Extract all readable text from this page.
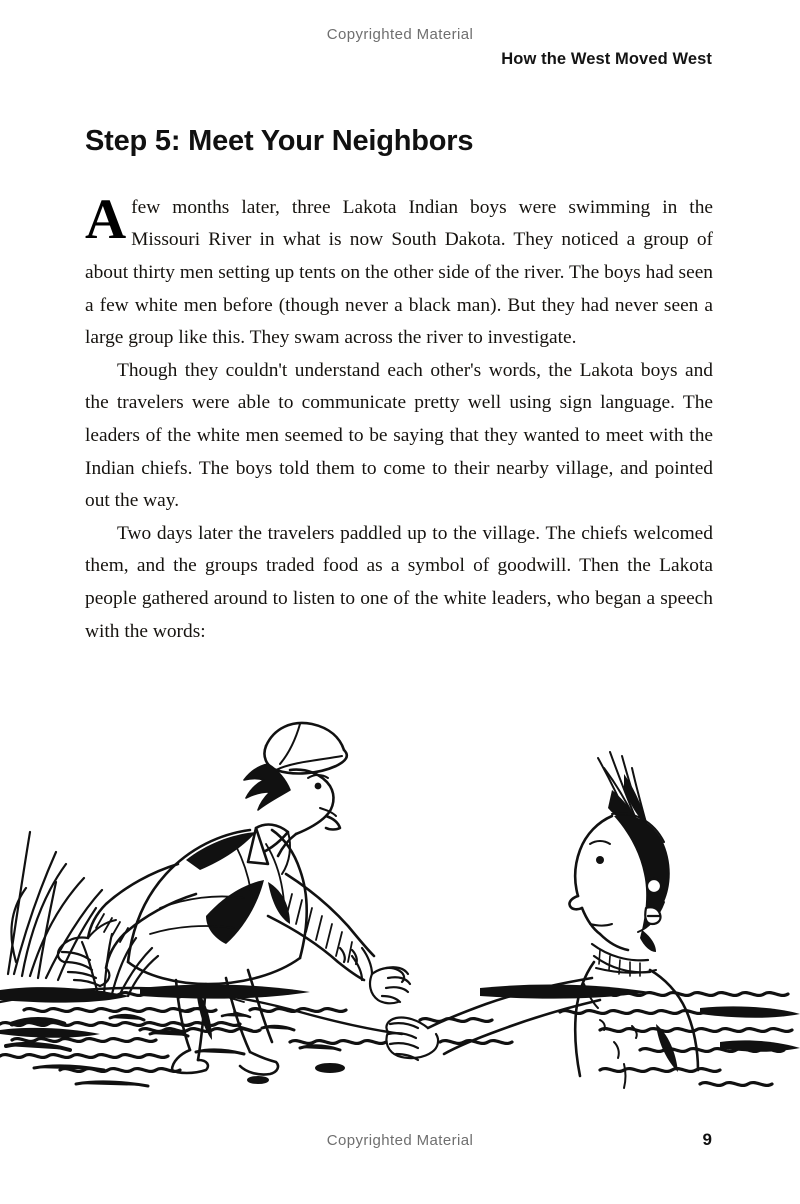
Copyrighted Material
How the West Moved West
Step 5: Meet Your Neighbors

Afew months later, three Lakota Indian boys were swimming in the Missouri River in what is now South Dakota. They noticed a group of about thirty men setting up tents on the other side of the river. The boys had seen a few white men before (though never a black man). But they had never seen a large group like this. They swam across the river to investigate.

Though they couldn't understand each other's words, the Lakota boys and the travelers were able to communicate pretty well using sign language. The leaders of the white men seemed to be saying that they wanted to meet with the Indian chiefs. The boys told them to come to their nearby village, and pointed out the way.

Two days later the travelers paddled up to the village. The chiefs welcomed them, and the groups traded food as a symbol of goodwill. Then the Lakota people gathered around to listen to one of the white leaders, who began a speech with the words:

Copyrighted Material	9
